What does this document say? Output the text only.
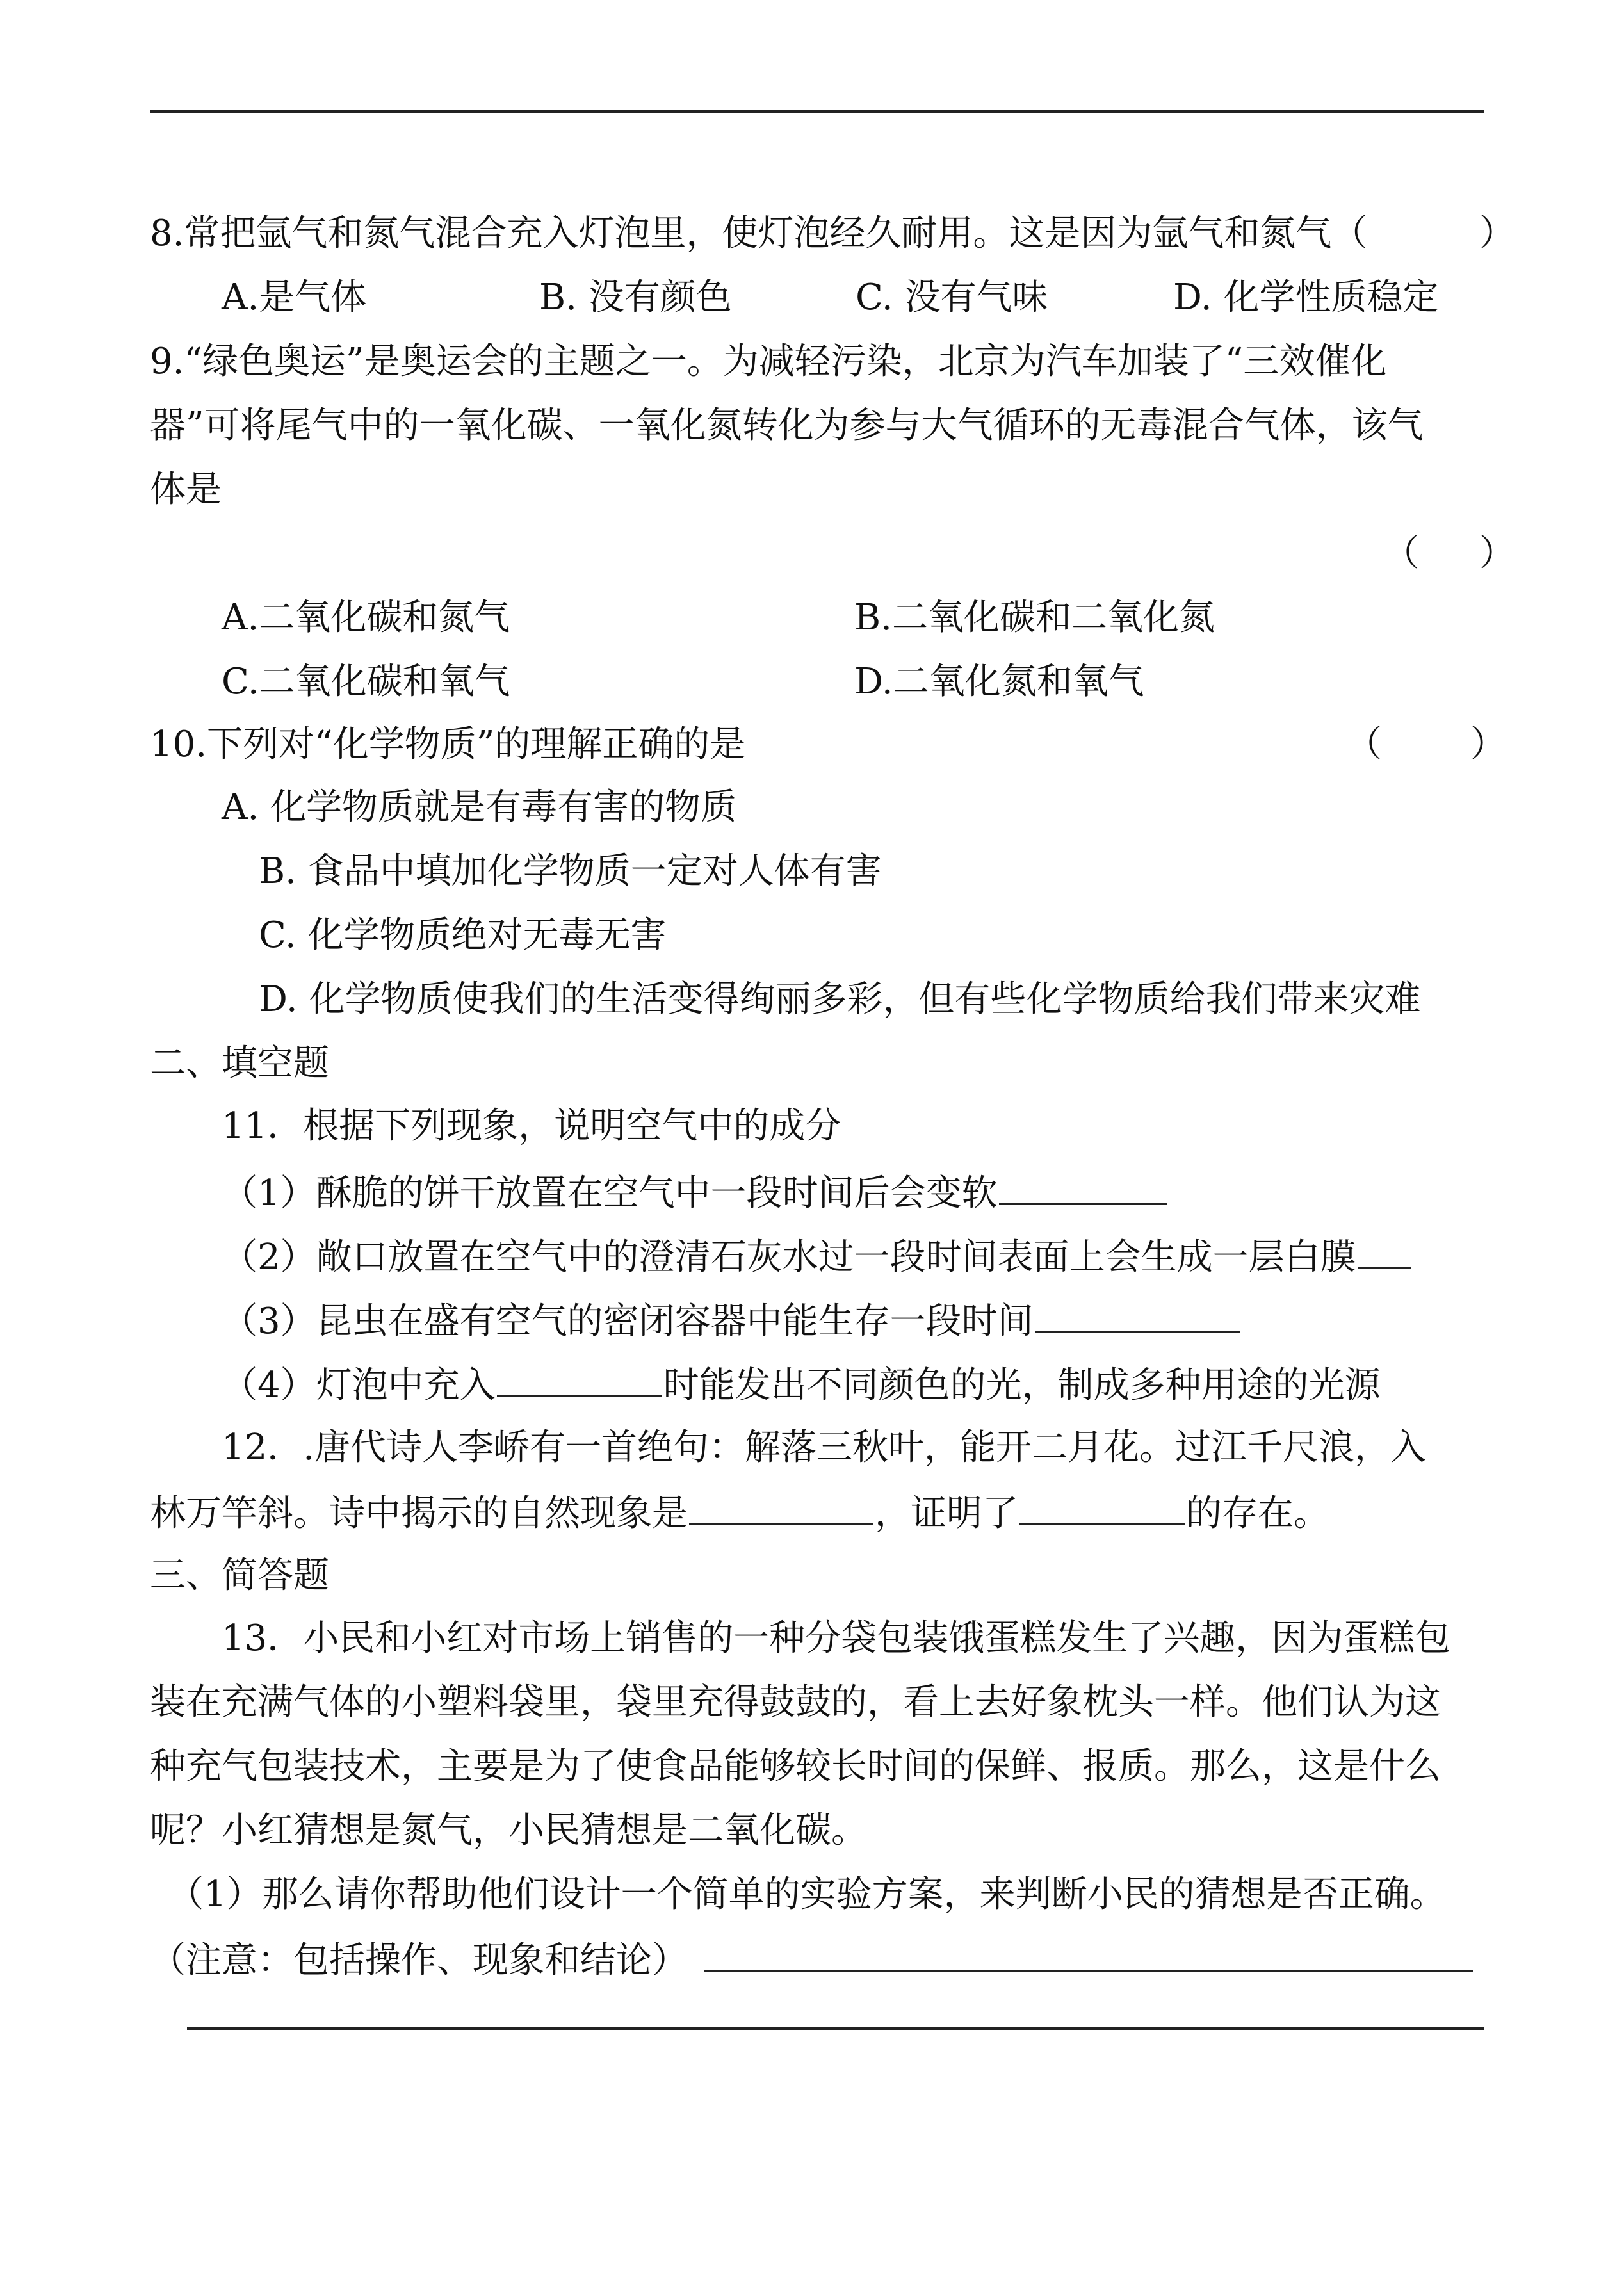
8.常把氩气和氮气混合充入灯泡里，使灯泡经久耐用。这是因为氩气和氮气（	）
A.是气体	B. 没有颜色	C. 没有气味	D. 化学性质稳定
9.“绿色奥运”是奥运会的主题之一。为减轻污染，北京为汽车加装了“三效催化
器”可将尾气中的一氧化碳、一氧化氮转化为参与大气循环的无毒混合气体，该气
体是
（ ）
A.二氧化碳和氮气	B.二氧化碳和二氧化氮
C.二氧化碳和氧气	D.二氧化氮和氧气
10.下列对“化学物质”的理解正确的是	（ ）
A. 化学物质就是有毒有害的物质
B. 食品中填加化学物质一定对人体有害
C. 化学物质绝对无毒无害
D. 化学物质使我们的生活变得绚丽多彩，但有些化学物质给我们带来灾难
二、填空题
11．根据下列现象，说明空气中的成分
（1）酥脆的饼干放置在空气中一段时间后会变软
（2）敞口放置在空气中的澄清石灰水过一段时间表面上会生成一层白膜
（3）昆虫在盛有空气的密闭容器中能生存一段时间
（4）灯泡中充入	时能发出不同颜色的光，制成多种用途的光源
12．.唐代诗人李峤有一首绝句：解落三秋叶，能开二月花。过江千尺浪，入
林万竿斜。诗中揭示的自然现象是	，证明了	的存在。
三、简答题
13．小民和小红对市场上销售的一种分袋包装饿蛋糕发生了兴趣，因为蛋糕包
装在充满气体的小塑料袋里，袋里充得鼓鼓的，看上去好象枕头一样。他们认为这
种充气包装技术，主要是为了使食品能够较长时间的保鲜、报质。那么，这是什么
呢？小红猜想是氮气，小民猜想是二氧化碳。
（1）那么请你帮助他们设计一个简单的实验方案，来判断小民的猜想是否正确。
（注意：包括操作、现象和结论）
